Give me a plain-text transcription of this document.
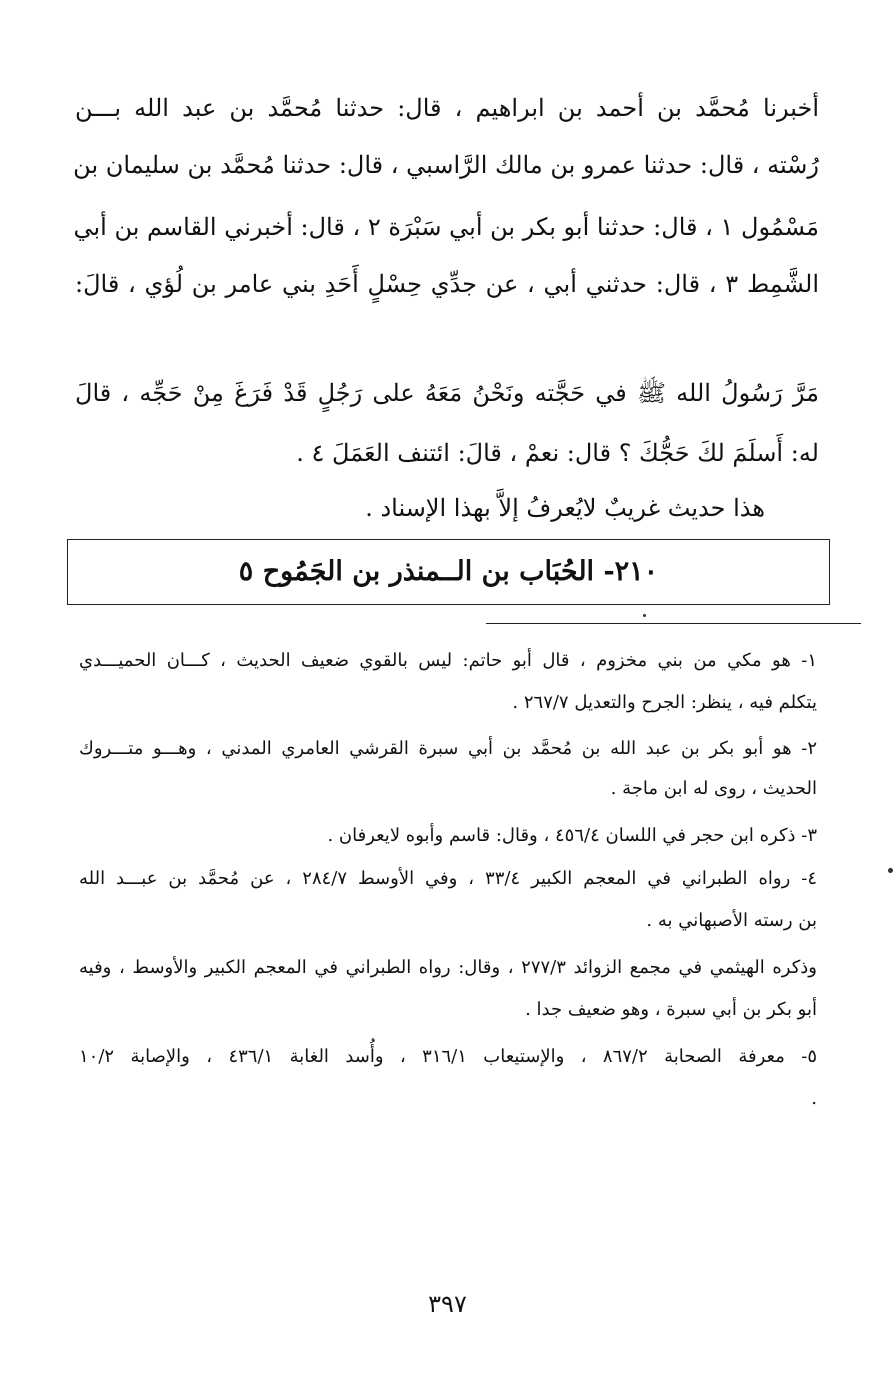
أخبرنا مُحمَّد بن أحمد بن ابراهيم ، قال: حدثنا مُحمَّد بن عبد الله بـــن
رُسْته ، قال: حدثنا عمرو بن مالك الرَّاسبي ، قال: حدثنا مُحمَّد بن سليمان بن
مَسْمُول ١ ، قال: حدثنا أبو بكر بن أبي سَبْرَة ٢ ، قال: أخبرني القاسم بن أبي
الشَّمِط ٣ ، قال: حدثني أبي ، عن جدِّي حِسْلٍ أَحَدِ بني عامر بن لُؤي ، قالَ:
مَرَّ رَسُولُ الله ﷺ في حَجَّته ونَحْنُ مَعَهُ على رَجُلٍ قَدْ فَرَغَ مِنْ حَجِّه ، قالَ
له: أَسلَمَ لكَ حَجُّكَ ؟ قال: نعمْ ، قالَ: ائتنف العَمَلَ ٤ .
هذا حديث غريبٌ لايُعرفُ إلاَّ بهذا الإسناد .
٢١٠- الحُبَاب بن الــمنذر بن الجَمُوح ٥
١- هو مكي من بني مخزوم ، قال أبو حاتم: ليس بالقوي ضعيف الحديث ، كـــان الحميـــدي
يتكلم فيه ، ينظر: الجرح والتعديل ٢٦٧/٧ .
٢- هو أبو بكر بن عبد الله بن مُحمَّد بن أبي سبرة القرشي العامري المدني ، وهـــو متـــروك
الحديث ، روى له ابن ماجة .
٣- ذكره ابن حجر في اللسان ٤٥٦/٤ ، وقال: قاسم وأبوه لايعرفان .
٤- رواه الطبراني في المعجم الكبير ٣٣/٤ ، وفي الأوسط ٢٨٤/٧ ، عن مُحمَّد بن عبـــد الله
بن رسته الأصبهاني به .
وذكره الهيثمي في مجمع الزوائد ٢٧٧/٣ ، وقال: رواه الطبراني في المعجم الكبير والأوسط ، وفيه
أبو بكر بن أبي سبرة ، وهو ضعيف جدا .
٥- معرفة الصحابة ٨٦٧/٢ ، والإستيعاب ٣١٦/١ ، وأُسد الغابة ٤٣٦/١ ، والإصابة ١٠/٢
.
٣٩٧
